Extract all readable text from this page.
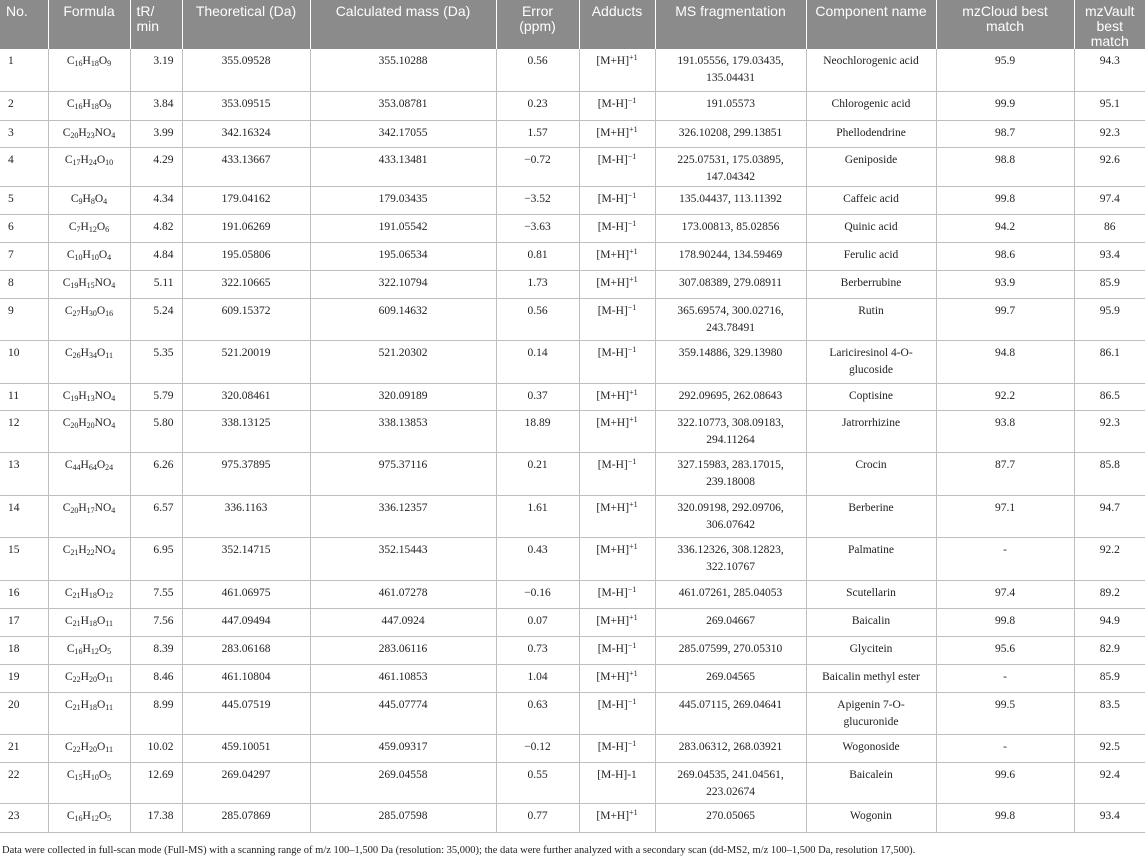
No.	Formula	tR/ min	Theoretical (Da)	Calculated mass (Da)	Error (ppm)	Adducts	MS fragmentation	Component name	mzCloud best match	mzVault best match
1	$C_{16}H_{18}O_9$	3.19	355.09528	355.10288	0.56	$[M+H]^{+1}$	191.05556, 179.03435, 135.04431	Neochlorogenic acid	95.9	94.3
2	$C_{16}H_{18}O_9$	3.84	353.09515	353.08781	0.23	$[M-H]^{-1}$	191.05573	Chlorogenic acid	99.9	95.1
3	$C_{20}H_{23}NO_4$	3.99	342.16324	342.17055	1.57	$[M+H]^{+1}$	326.10208, 299.13851	Phellodendrine	98.7	92.3
4	$C_{17}H_{24}O_{10}$	4.29	433.13667	433.13481	−0.72	$[M-H]^{-1}$	225.07531, 175.03895, 147.04342	Geniposide	98.8	92.6
5	$C_9H_8O_4$	4.34	179.04162	179.03435	−3.52	$[M-H]^{-1}$	135.04437, 113.11392	Caffeic acid	99.8	97.4
6	$C_7H_{12}O_6$	4.82	191.06269	191.05542	−3.63	$[M-H]^{-1}$	173.00813, 85.02856	Quinic acid	94.2	86
7	$C_{10}H_{10}O_4$	4.84	195.05806	195.06534	0.81	$[M+H]^{+1}$	178.90244, 134.59469	Ferulic acid	98.6	93.4
8	$C_{19}H_{15}NO_4$	5.11	322.10665	322.10794	1.73	$[M+H]^{+1}$	307.08389, 279.08911	Berberrubine	93.9	85.9
9	$C_{27}H_{30}O_{16}$	5.24	609.15372	609.14632	0.56	$[M-H]^{-1}$	365.69574, 300.02716, 243.78491	Rutin	99.7	95.9
10	$C_{26}H_{34}O_{11}$	5.35	521.20019	521.20302	0.14	$[M-H]^{-1}$	359.14886, 329.13980	Lariciresinol 4-O-glucoside	94.8	86.1
11	$C_{19}H_{13}NO_4$	5.79	320.08461	320.09189	0.37	$[M+H]^{+1}$	292.09695, 262.08643	Coptisine	92.2	86.5
12	$C_{20}H_{20}NO_4$	5.80	338.13125	338.13853	18.89	$[M+H]^{+1}$	322.10773, 308.09183, 294.11264	Jatrorrhizine	93.8	92.3
13	$C_{44}H_{64}O_{24}$	6.26	975.37895	975.37116	0.21	$[M-H]^{-1}$	327.15983, 283.17015, 239.18008	Crocin	87.7	85.8
14	$C_{20}H_{17}NO_4$	6.57	336.1163	336.12357	1.61	$[M+H]^{+1}$	320.09198, 292.09706, 306.07642	Berberine	97.1	94.7
15	$C_{21}H_{22}NO_4$	6.95	352.14715	352.15443	0.43	$[M+H]^{+1}$	336.12326, 308.12823, 322.10767	Palmatine	-	92.2
16	$C_{21}H_{18}O_{12}$	7.55	461.06975	461.07278	−0.16	$[M-H]^{-1}$	461.07261, 285.04053	Scutellarin	97.4	89.2
17	$C_{21}H_{18}O_{11}$	7.56	447.09494	447.0924	0.07	$[M+H]^{+1}$	269.04667	Baicalin	99.8	94.9
18	$C_{16}H_{12}O_5$	8.39	283.06168	283.06116	0.73	$[M-H]^{-1}$	285.07599, 270.05310	Glycitein	95.6	82.9
19	$C_{22}H_{20}O_{11}$	8.46	461.10804	461.10853	1.04	$[M+H]^{+1}$	269.04565	Baicalin methyl ester	-	85.9
20	$C_{21}H_{18}O_{11}$	8.99	445.07519	445.07774	0.63	$[M-H]^{-1}$	445.07115, 269.04641	Apigenin 7-O-glucuronide	99.5	83.5
21	$C_{22}H_{20}O_{11}$	10.02	459.10051	459.09317	−0.12	$[M-H]^{-1}$	283.06312, 268.03921	Wogonoside	-	92.5
22	$C_{15}H_{10}O_5$	12.69	269.04297	269.04558	0.55	[M-H]-1	269.04535, 241.04561, 223.02674	Baicalein	99.6	92.4
23	$C_{16}H_{12}O_5$	17.38	285.07869	285.07598	0.77	$[M+H]^{+1}$	270.05065	Wogonin	99.8	93.4
Data were collected in full-scan mode (Full-MS) with a scanning range of m/z 100–1,500 Da (resolution: 35,000); the data were further analyzed with a secondary scan (dd-MS2, m/z 100–1,500 Da, resolution 17,500).
